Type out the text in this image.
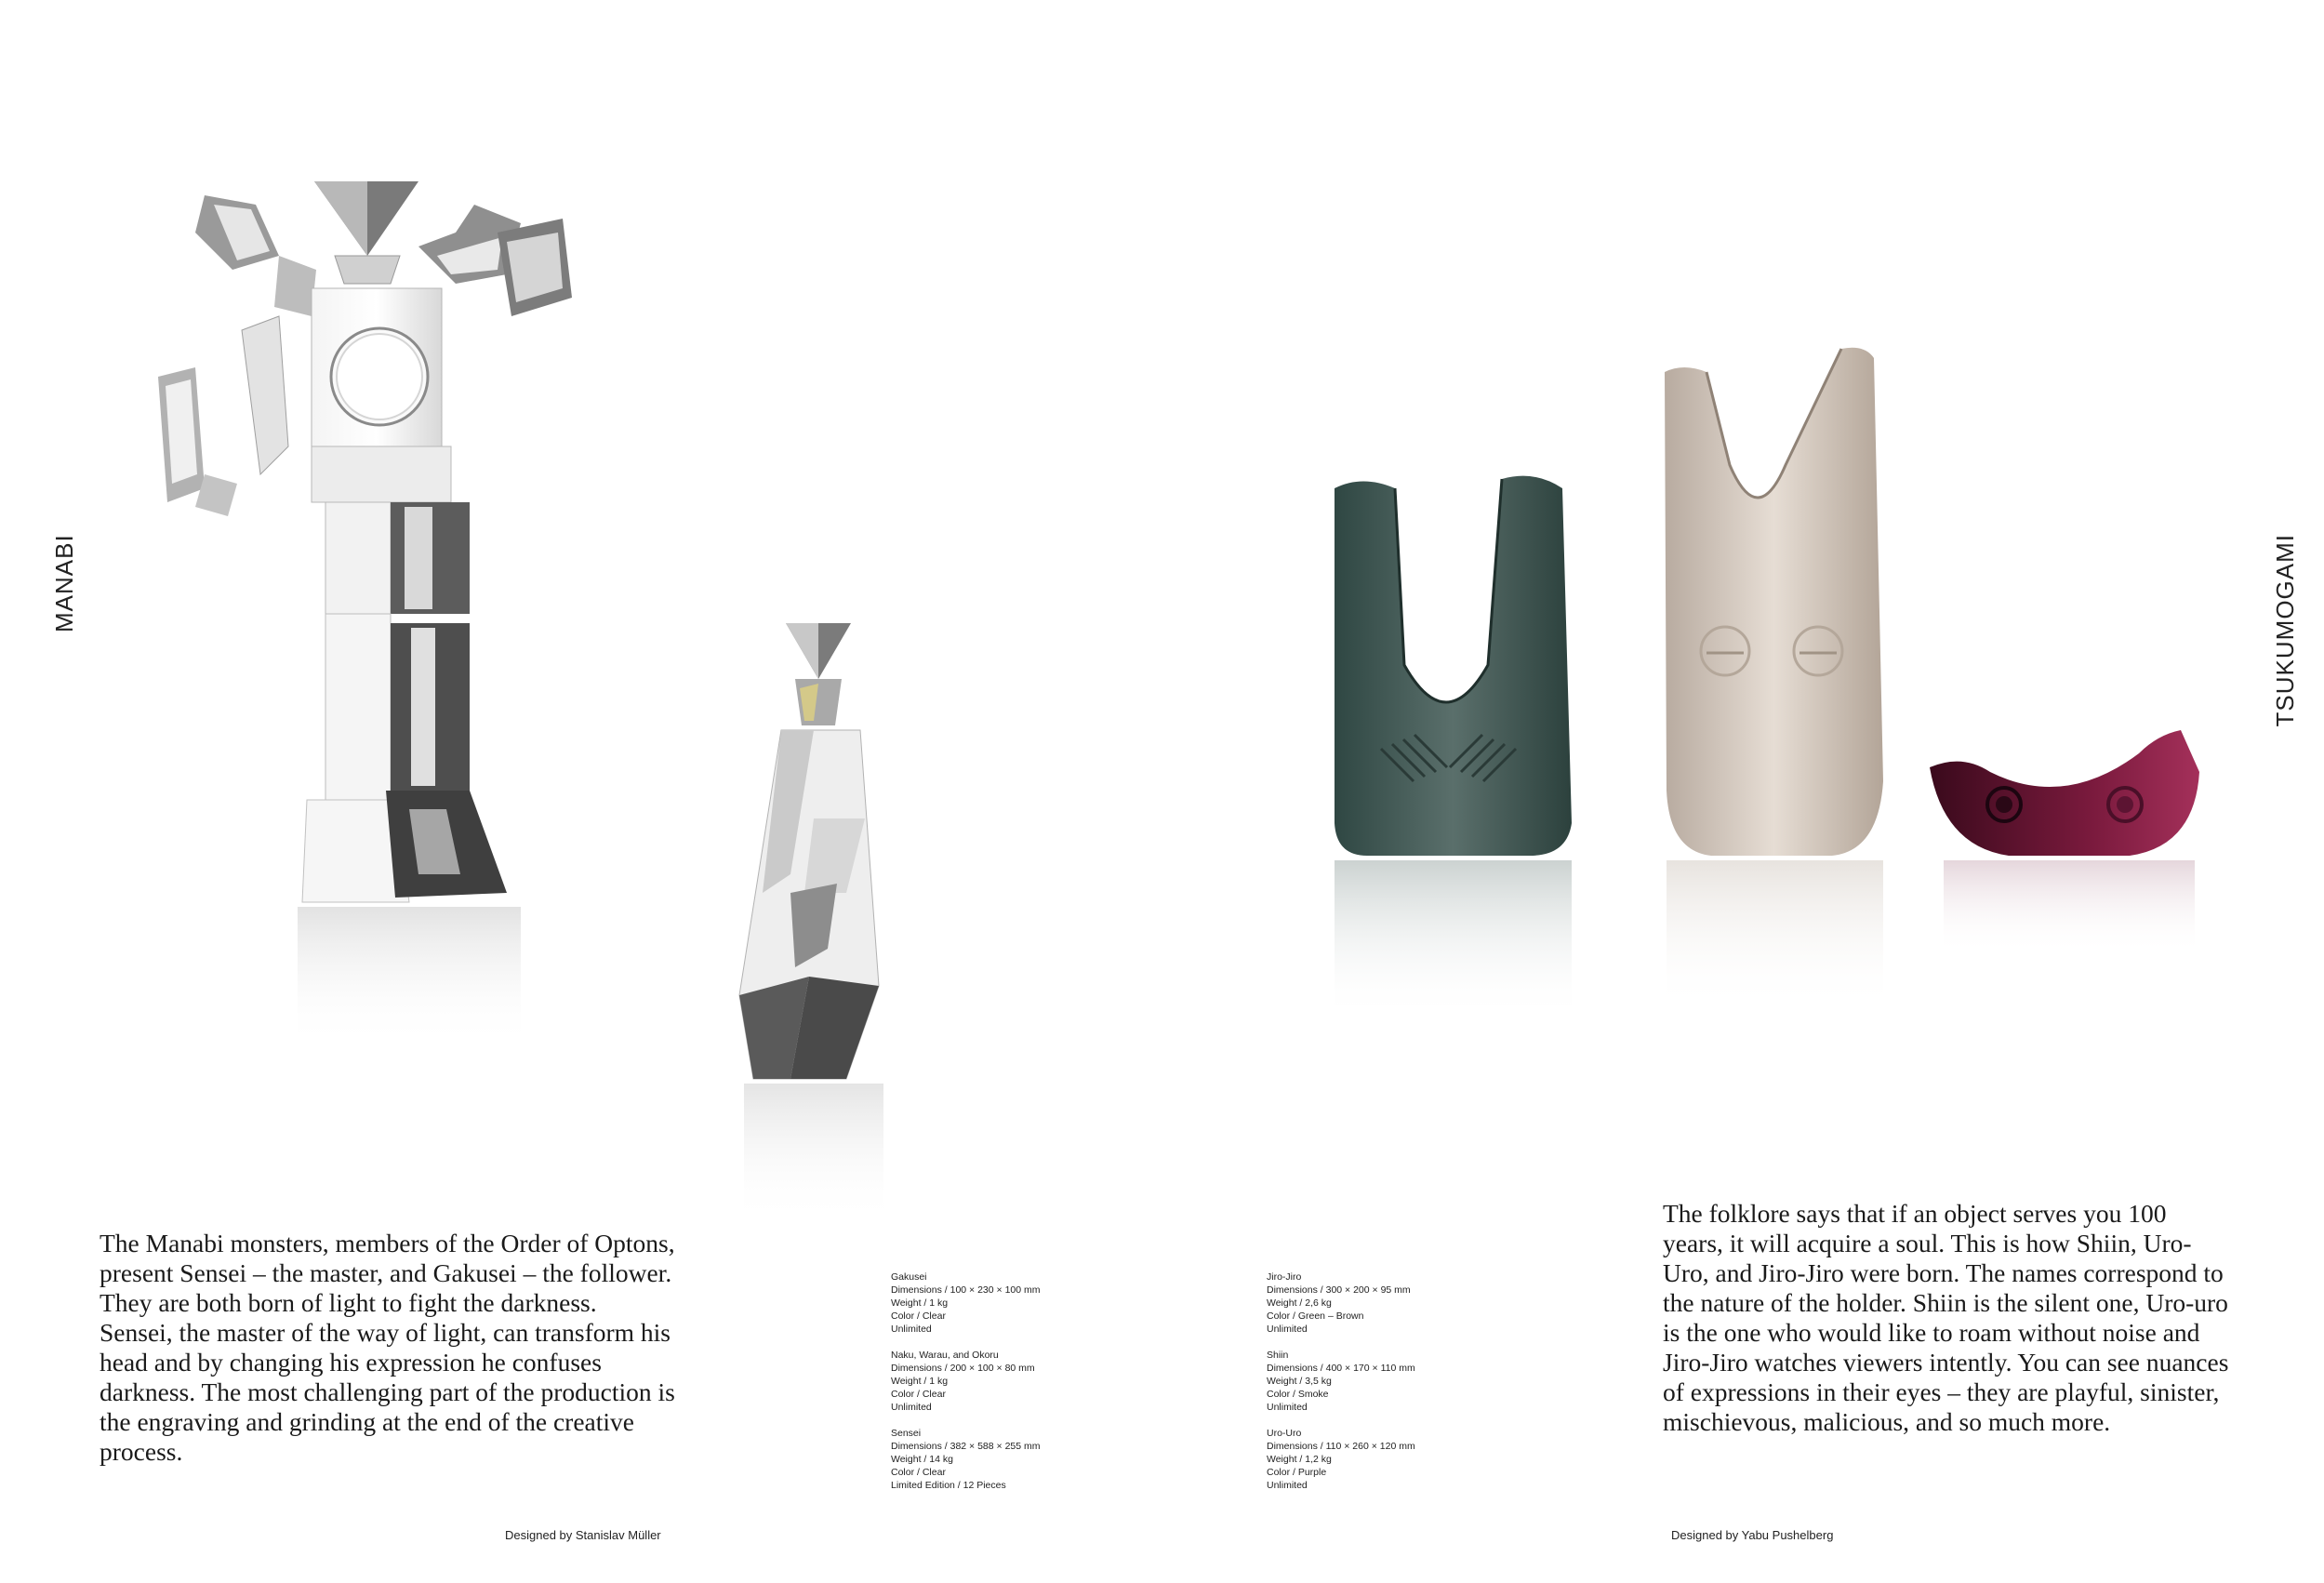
MANABI	TSUKUMOGAMI
The Manabi monsters, members of the Order of Optons, present Sensei – the master, and Gakusei – the follower. They are both born of light to fight the darkness. Sensei, the master of the way of light, can transform his head and by changing his expression he confuses darkness. The most challenging part of the production is the engraving and grinding at the end of the creative process.
Designed by Stanislav Müller
Gakusei
Dimensions / 100 × 230 × 100 mm
Weight / 1 kg
Color / Clear
Unlimited
Naku, Warau, and Okoru
Dimensions / 200 × 100 × 80 mm
Weight / 1 kg
Color / Clear
Unlimited
Sensei
Dimensions / 382 × 588 × 255 mm
Weight / 14 kg
Color / Clear
Limited Edition / 12 Pieces
Jiro-Jiro
Dimensions / 300 × 200 × 95 mm
Weight / 2,6 kg
Color / Green – Brown
Unlimited
Shiin
Dimensions / 400 × 170 × 110 mm
Weight / 3,5 kg
Color / Smoke
Unlimited
Uro-Uro
Dimensions / 110 × 260 × 120 mm
Weight / 1,2 kg
Color / Purple
Unlimited
The folklore says that if an object serves you 100 years, it will acquire a soul. This is how Shiin, Uro-Uro, and Jiro-Jiro were born. The names correspond to the nature of the holder. Shiin is the silent one, Uro-uro is the one who would like to roam without noise and Jiro-Jiro watches viewers intently. You can see nuances of expressions in their eyes – they are playful, sinister, mischievous, malicious, and so much more.
Designed by Yabu Pushelberg
